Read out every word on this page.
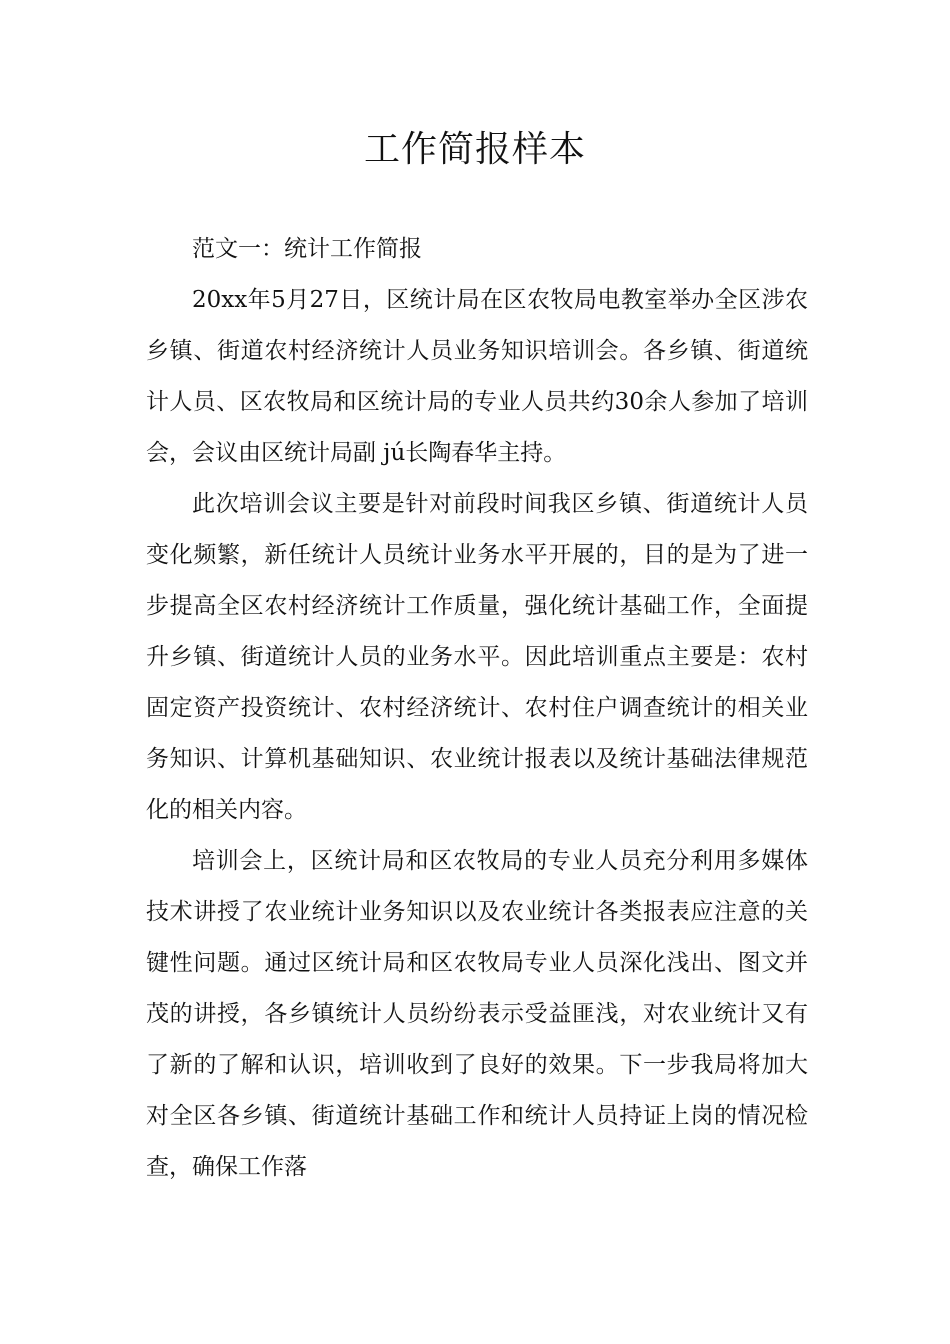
工作简报样本

范文一：统计工作简报

20xx年5月27日，区统计局在区农牧局电教室举办全区涉农乡镇、街道农村经济统计人员业务知识培训会。各乡镇、街道统计人员、区农牧局和区统计局的专业人员共约30余人参加了培训会，会议由区统计局副 jú长陶春华主持。

此次培训会议主要是针对前段时间我区乡镇、街道统计人员变化频繁，新任统计人员统计业务水平开展的，目的是为了进一步提高全区农村经济统计工作质量，强化统计基础工作，全面提升乡镇、街道统计人员的业务水平。因此培训重点主要是：农村固定资产投资统计、农村经济统计、农村住户调查统计的相关业务知识、计算机基础知识、农业统计报表以及统计基础法律规范化的相关内容。

培训会上，区统计局和区农牧局的专业人员充分利用多媒体技术讲授了农业统计业务知识以及农业统计各类报表应注意的关键性问题。通过区统计局和区农牧局专业人员深化浅出、图文并茂的讲授，各乡镇统计人员纷纷表示受益匪浅，对农业统计又有了新的了解和认识，培训收到了良好的效果。下一步我局将加大对全区各乡镇、街道统计基础工作和统计人员持证上岗的情况检查，确保工作落
